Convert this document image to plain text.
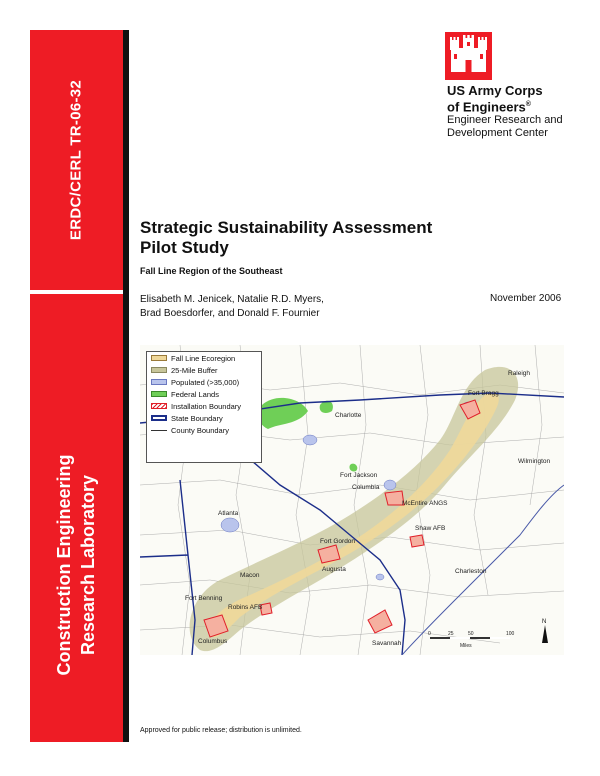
ERDC/CERL TR-06-32
Construction Engineering Research Laboratory
US Army Corps
of Engineers®
Engineer Research and
Development Center
Strategic Sustainability Assessment
Pilot Study
Fall Line Region of the Southeast
Elisabeth M. Jenicek, Natalie R.D. Myers,
Brad Boesdorfer, and Donald F. Fournier
November 2006
Fort Bragg
Fort Jackson
Columbia
McEntire ANGS
Shaw AFB
Fort Gordon
Augusta
Macon
Robins AFB
Fort Benning
Columbus
Raleigh
Charlotte
Atlanta
Savannah
Charleston
Wilmington
0	25	50	100
Miles
N
Fall Line Ecoregion
25-Mile Buffer
Populated (>35,000)
Federal Lands
Installation Boundary
State Boundary
County Boundary
Approved for public release; distribution is unlimited.
